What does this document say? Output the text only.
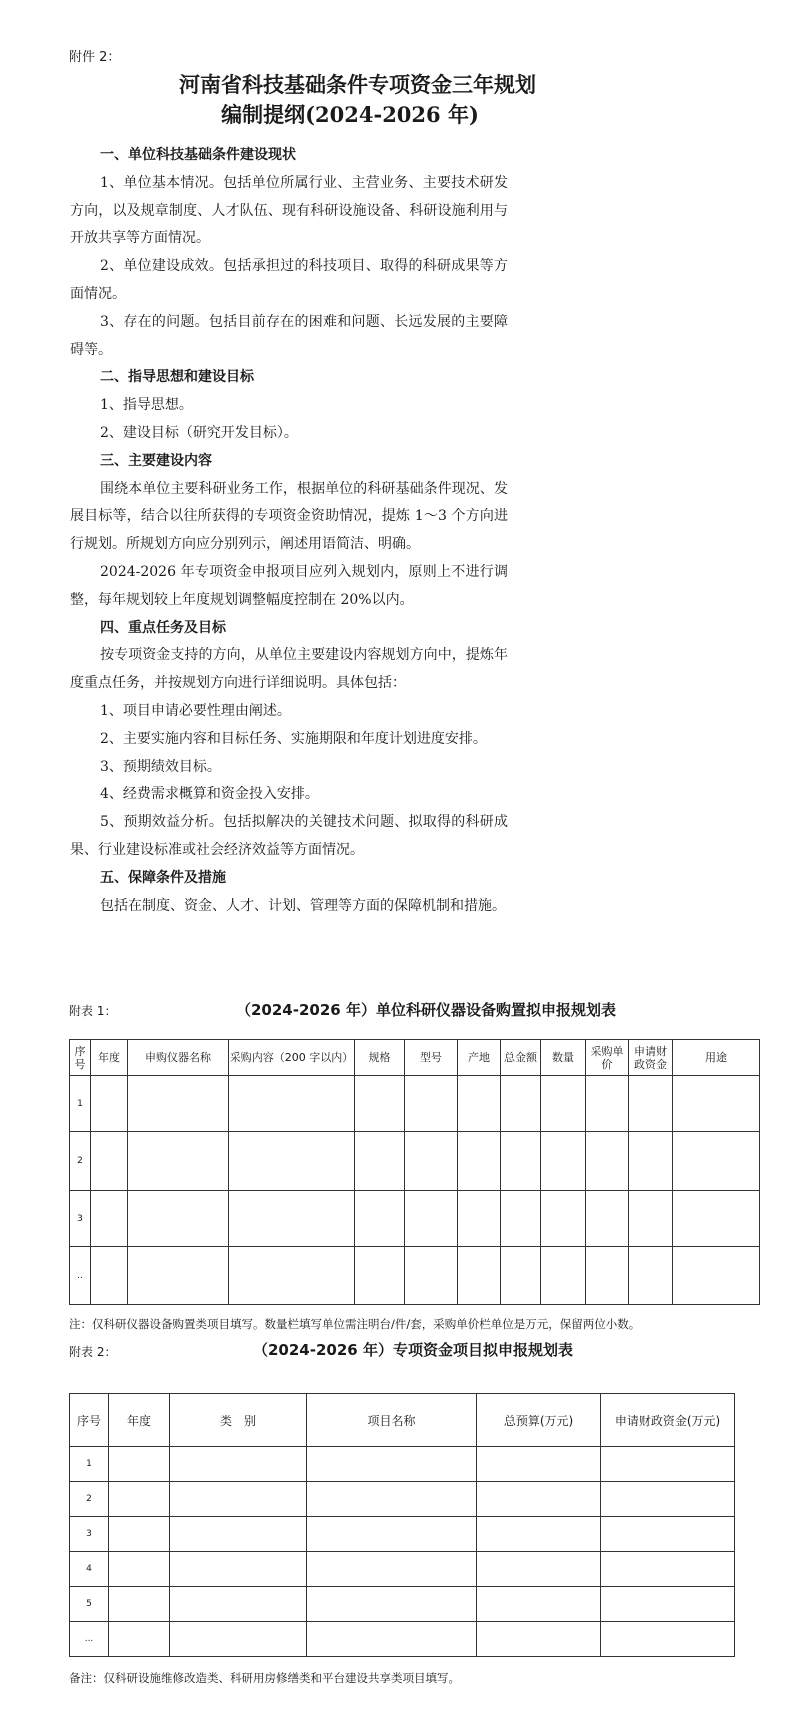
附件 2：
河南省科技基础条件专项资金三年规划
编制提纲(2024-2026 年)

一、单位科技基础条件建设现状

1、单位基本情况。包括单位所属行业、主营业务、主要技术研发方向，以及规章制度、人才队伍、现有科研设施设备、科研设施利用与开放共享等方面情况。

2、单位建设成效。包括承担过的科技项目、取得的科研成果等方面情况。

3、存在的问题。包括目前存在的困难和问题、长远发展的主要障碍等。

二、指导思想和建设目标

1、指导思想。

2、建设目标（研究开发目标）。

三、主要建设内容

围绕本单位主要科研业务工作，根据单位的科研基础条件现况、发展目标等，结合以往所获得的专项资金资助情况，提炼 1～3 个方向进行规划。所规划方向应分别列示，阐述用语简洁、明确。

2024-2026 年专项资金申报项目应列入规划内，原则上不进行调整，每年规划较上年度规划调整幅度控制在 20%以内。

四、重点任务及目标

按专项资金支持的方向，从单位主要建设内容规划方向中，提炼年度重点任务，并按规划方向进行详细说明。具体包括：

1、项目申请必要性理由阐述。

2、主要实施内容和目标任务、实施期限和年度计划进度安排。

3、预期绩效目标。

4、经费需求概算和资金投入安排。

5、预期效益分析。包括拟解决的关键技术问题、拟取得的科研成果、行业建设标准或社会经济效益等方面情况。

五、保障条件及措施

包括在制度、资金、人才、计划、管理等方面的保障机制和措施。

附表 1：	（2024-2026 年）单位科研仪器设备购置拟申报规划表
序号	年度	申购仪器名称	采购内容（200 字以内）	规格	型号	产地	总金额	数量	采购单价	申请财政资金	用途
1											
2											
3											
..											
注：仅科研仪器设备购置类项目填写。数量栏填写单位需注明台/件/套，采购单价栏单位是万元，保留两位小数。
附表 2：	（2024-2026 年）专项资金项目拟申报规划表
序号	年度	类　别	项目名称	总预算(万元)	申请财政资金(万元)
1					
2					
3					
4					
5					
...					
备注：仅科研设施维修改造类、科研用房修缮类和平台建设共享类项目填写。
